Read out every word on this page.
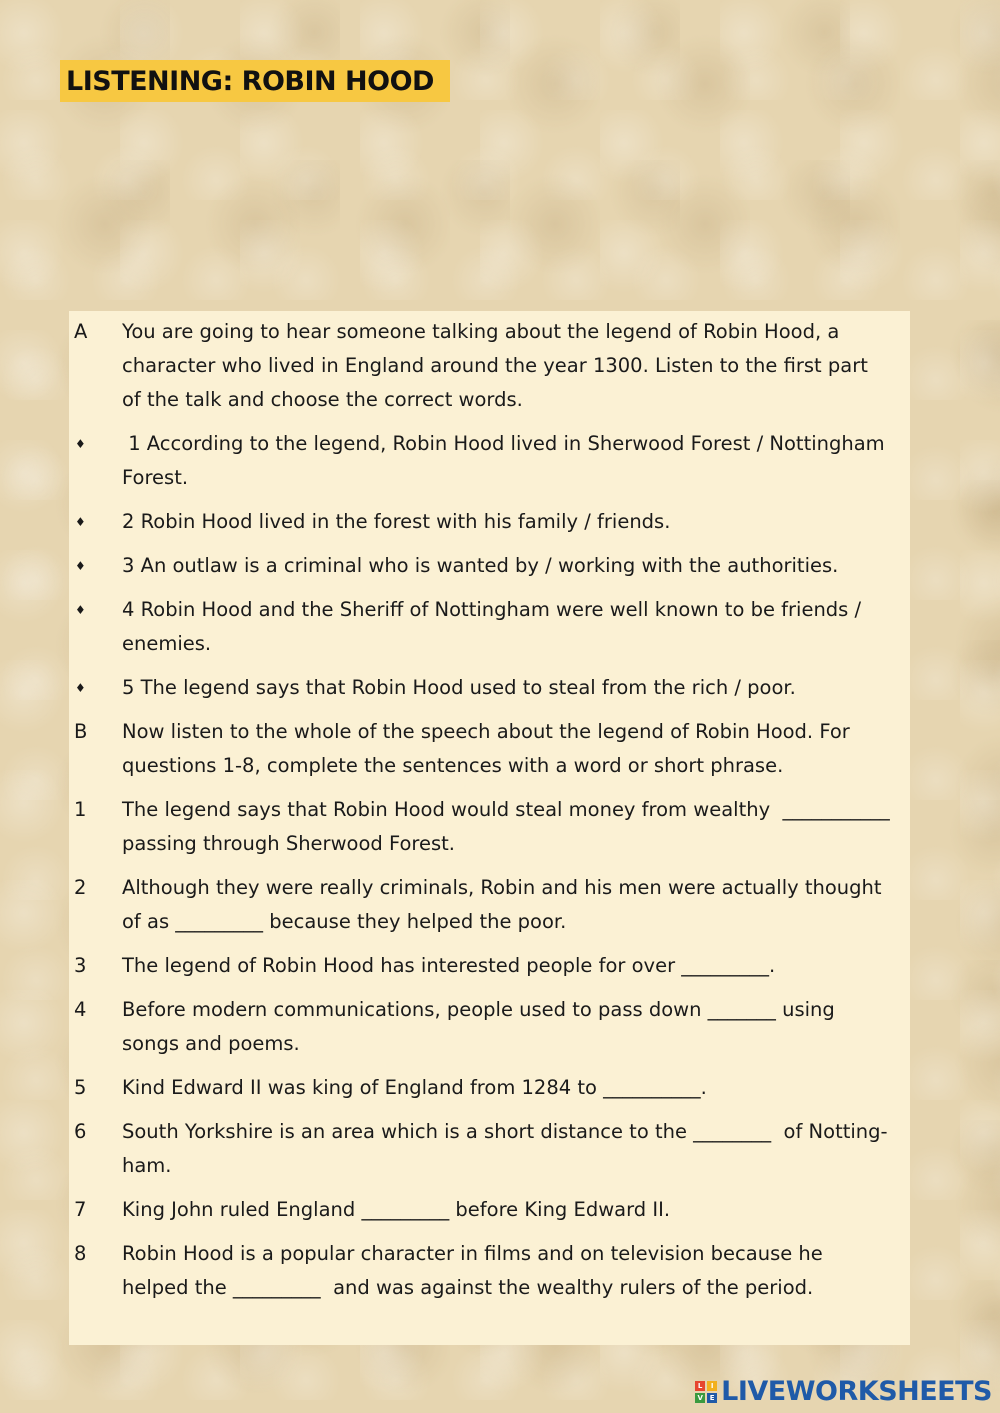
LISTENING: ROBIN HOOD
A	You are going to hear someone talking about the legend of Robin Hood, a character who lived in England around the year 1300. Listen to the first part of the talk and choose the correct words.
♦	1 According to the legend, Robin Hood lived in Sherwood Forest / Nottingham Forest.
♦	2 Robin Hood lived in the forest with his family / friends.
♦	3 An outlaw is a criminal who is wanted by / working with the authorities.
♦	4 Robin Hood and the Sheriff of Nottingham were well known to be friends / enemies.
♦	5 The legend says that Robin Hood used to steal from the rich / poor.
B	Now listen to the whole of the speech about the legend of Robin Hood. For questions 1-8, complete the sentences with a word or short phrase.
1	The legend says that Robin Hood would steal money from wealthy  ___________ passing through Sherwood Forest.
2	Although they were really criminals, Robin and his men were actually thought of as _________ because they helped the poor.
3	The legend of Robin Hood has interested people for over _________.
4	Before modern communications, people used to pass down _______ using songs and poems.
5	Kind Edward II was king of England from 1284 to __________.
6	South Yorkshire is an area which is a short distance to the ________  of Notting-ham.
7	King John ruled England _________ before King Edward II.
8	Robin Hood is a popular character in films and on television because he helped the _________  and was against the wealthy rulers of the period.
L	I
V E LIVEWORKSHEETS
